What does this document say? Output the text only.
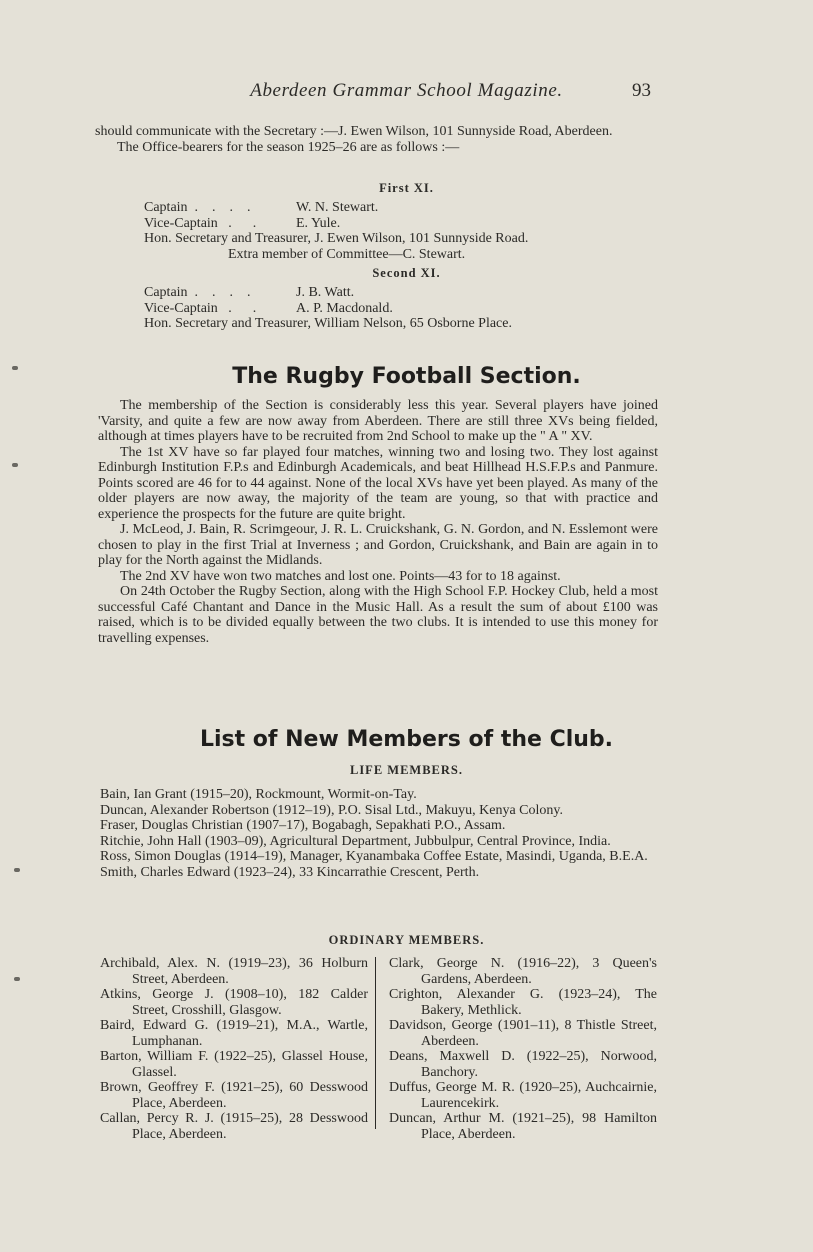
Aberdeen Grammar School Magazine.	93
should communicate with the Secretary :—J. Ewen Wilson, 101 Sunnyside Road, Aberdeen.
The Office-bearers for the season 1925–26 are as follows :—
First XI.
Captain  .    .    .    .	W. N. Stewart.
Vice-Captain   .      .	E. Yule.
Hon. Secretary and Treasurer, J. Ewen Wilson, 101 Sunnyside Road.
Extra member of Committee—C. Stewart.
Second XI.
Captain  .    .    .    .	J. B. Watt.
Vice-Captain   .      .	A. P. Macdonald.
Hon. Secretary and Treasurer, William Nelson, 65 Osborne Place.
The Rugby Football Section.
The membership of the Section is considerably less this year. Several players have joined 'Varsity, and quite a few are now away from Aberdeen. There are still three XVs being fielded, although at times players have to be recruited from 2nd School to make up the " A " XV.
The 1st XV have so far played four matches, winning two and losing two. They lost against Edinburgh Institution F.P.s and Edinburgh Academicals, and beat Hillhead H.S.F.P.s and Panmure. Points scored are 46 for to 44 against. None of the local XVs have yet been played. As many of the older players are now away, the majority of the team are young, so that with practice and experience the prospects for the future are quite bright.
J. McLeod, J. Bain, R. Scrimgeour, J. R. L. Cruickshank, G. N. Gordon, and N. Esslemont were chosen to play in the first Trial at Inverness ; and Gordon, Cruickshank, and Bain are again in to play for the North against the Midlands.
The 2nd XV have won two matches and lost one. Points—43 for to 18 against.
On 24th October the Rugby Section, along with the High School F.P. Hockey Club, held a most successful Café Chantant and Dance in the Music Hall. As a result the sum of about £100 was raised, which is to be divided equally between the two clubs. It is intended to use this money for travelling expenses.
List of New Members of the Club.
LIFE MEMBERS.
Bain, Ian Grant (1915–20), Rockmount, Wormit-on-Tay.
Duncan, Alexander Robertson (1912–19), P.O. Sisal Ltd., Makuyu, Kenya Colony.
Fraser, Douglas Christian (1907–17), Bogabagh, Sepakhati P.O., Assam.
Ritchie, John Hall (1903–09), Agricultural Department, Jubbulpur, Central Province, India.
Ross, Simon Douglas (1914–19), Manager, Kyanambaka Coffee Estate, Masindi, Uganda, B.E.A.
Smith, Charles Edward (1923–24), 33 Kincarrathie Crescent, Perth.
ORDINARY MEMBERS.

Archibald, Alex. N. (1919–23), 36 Holburn Street, Aberdeen.

Atkins, George J. (1908–10), 182 Calder Street, Crosshill, Glasgow.

Baird, Edward G. (1919–21), M.A., Wartle, Lumphanan.

Barton, William F. (1922–25), Glassel House, Glassel.

Brown, Geoffrey F. (1921–25), 60 Desswood Place, Aberdeen.

Callan, Percy R. J. (1915–25), 28 Desswood Place, Aberdeen.

Clark, George N. (1916–22), 3 Queen's Gardens, Aberdeen.

Crighton, Alexander G. (1923–24), The Bakery, Methlick.

Davidson, George (1901–11), 8 Thistle Street, Aberdeen.

Deans, Maxwell D. (1922–25), Norwood, Banchory.

Duffus, George M. R. (1920–25), Auchcairnie, Laurencekirk.

Duncan, Arthur M. (1921–25), 98 Hamilton Place, Aberdeen.
